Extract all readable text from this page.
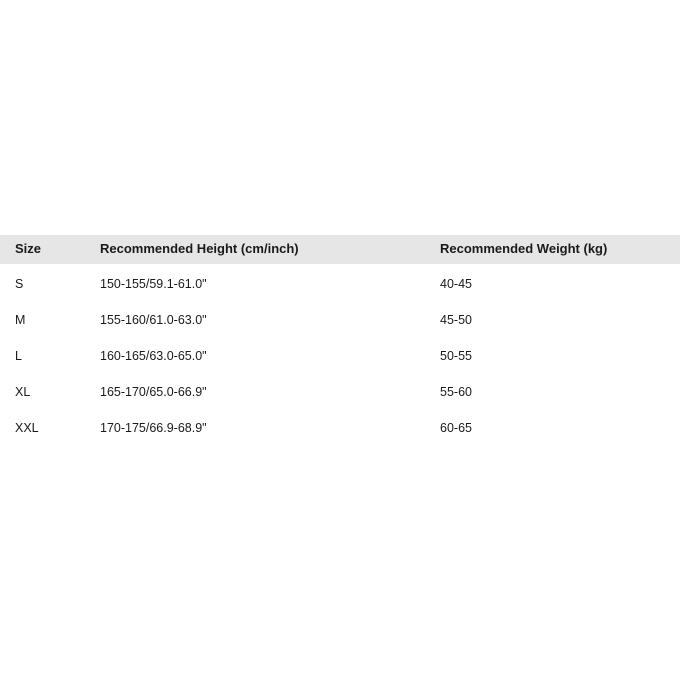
Size	Recommended Height (cm/inch)	Recommended Weight (kg)
S	150-155/59.1-61.0"	40-45
M	155-160/61.0-63.0"	45-50
L	160-165/63.0-65.0"	50-55
XL	165-170/65.0-66.9"	55-60
XXL	170-175/66.9-68.9"	60-65
